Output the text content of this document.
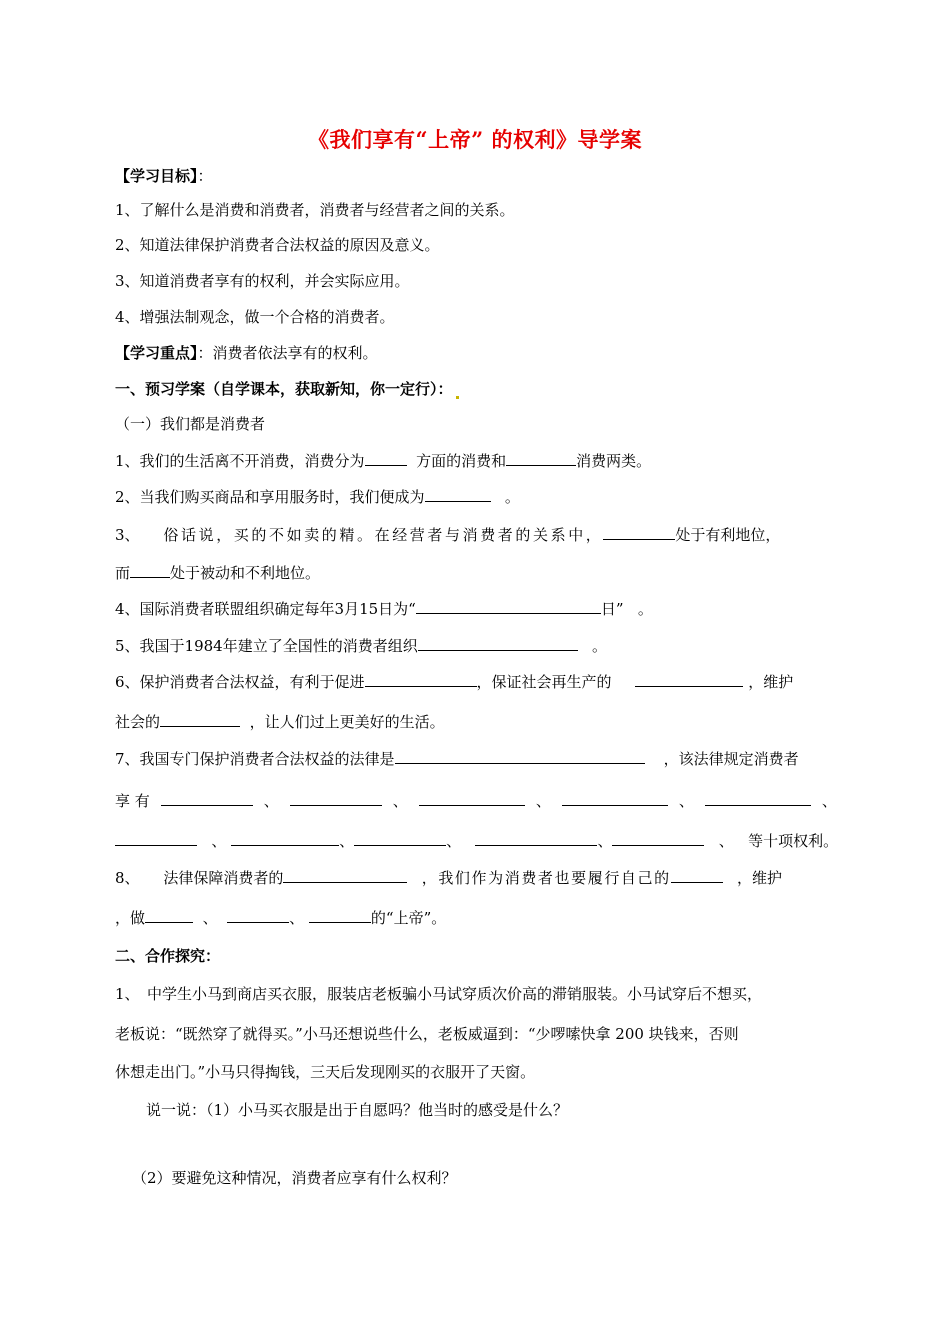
《我们享有“上帝” 的权利》导学案
【学习目标】：
1、了解什么是消费和消费者，消费者与经营者之间的关系。
2、知道法律保护消费者合法权益的原因及意义。
3、知道消费者享有的权利，并会实际应用。
4、增强法制观念，做一个合格的消费者。
【学习重点】：消费者依法享有的权利。
一、预习学案（自学课本，获取新知，你一定行）：
（一）我们都是消费者
1、我们的生活离不开消费，消费分为	方面的消费和	消费两类。
2、当我们购买商品和享用服务时，我们便成为	。
3、 俗话说，买的不如卖的精。在经营者与消费者的关系中，	处于有利地位，
而	处于被动和不利地位。
4、国际消费者联盟组织确定每年3月15日为“	日” 。
5、我国于1984年建立了全国性的消费者组织	。
6、保护消费者合法权益，有利于促进	，保证社会再生产的	，维护
社会的	，让人们过上更美好的生活。
7、我国专门保护消费者合法权益的法律是	，该法律规定消费者
享 有	、	、	、	、	、
、	、	、	、	、 等十项权利。
8、 法律保障消费者的	，我们作为消费者也要履行自己的	，维护
，做	、	、	的“上帝”。
二、合作探究：
1、　中学生小马到商店买衣服，服装店老板骗小马试穿质次价高的滞销服装。小马试穿后不想买，
老板说：“既然穿了就得买。”小马还想说些什么，老板威逼到：“少啰嗦快拿 200 块钱来，否则
休想走出门。”小马只得掏钱，三天后发现刚买的衣服开了天窗。
说一说：（1）小马买衣服是出于自愿吗？他当时的感受是什么？
（2）要避免这种情况，消费者应享有什么权利？
